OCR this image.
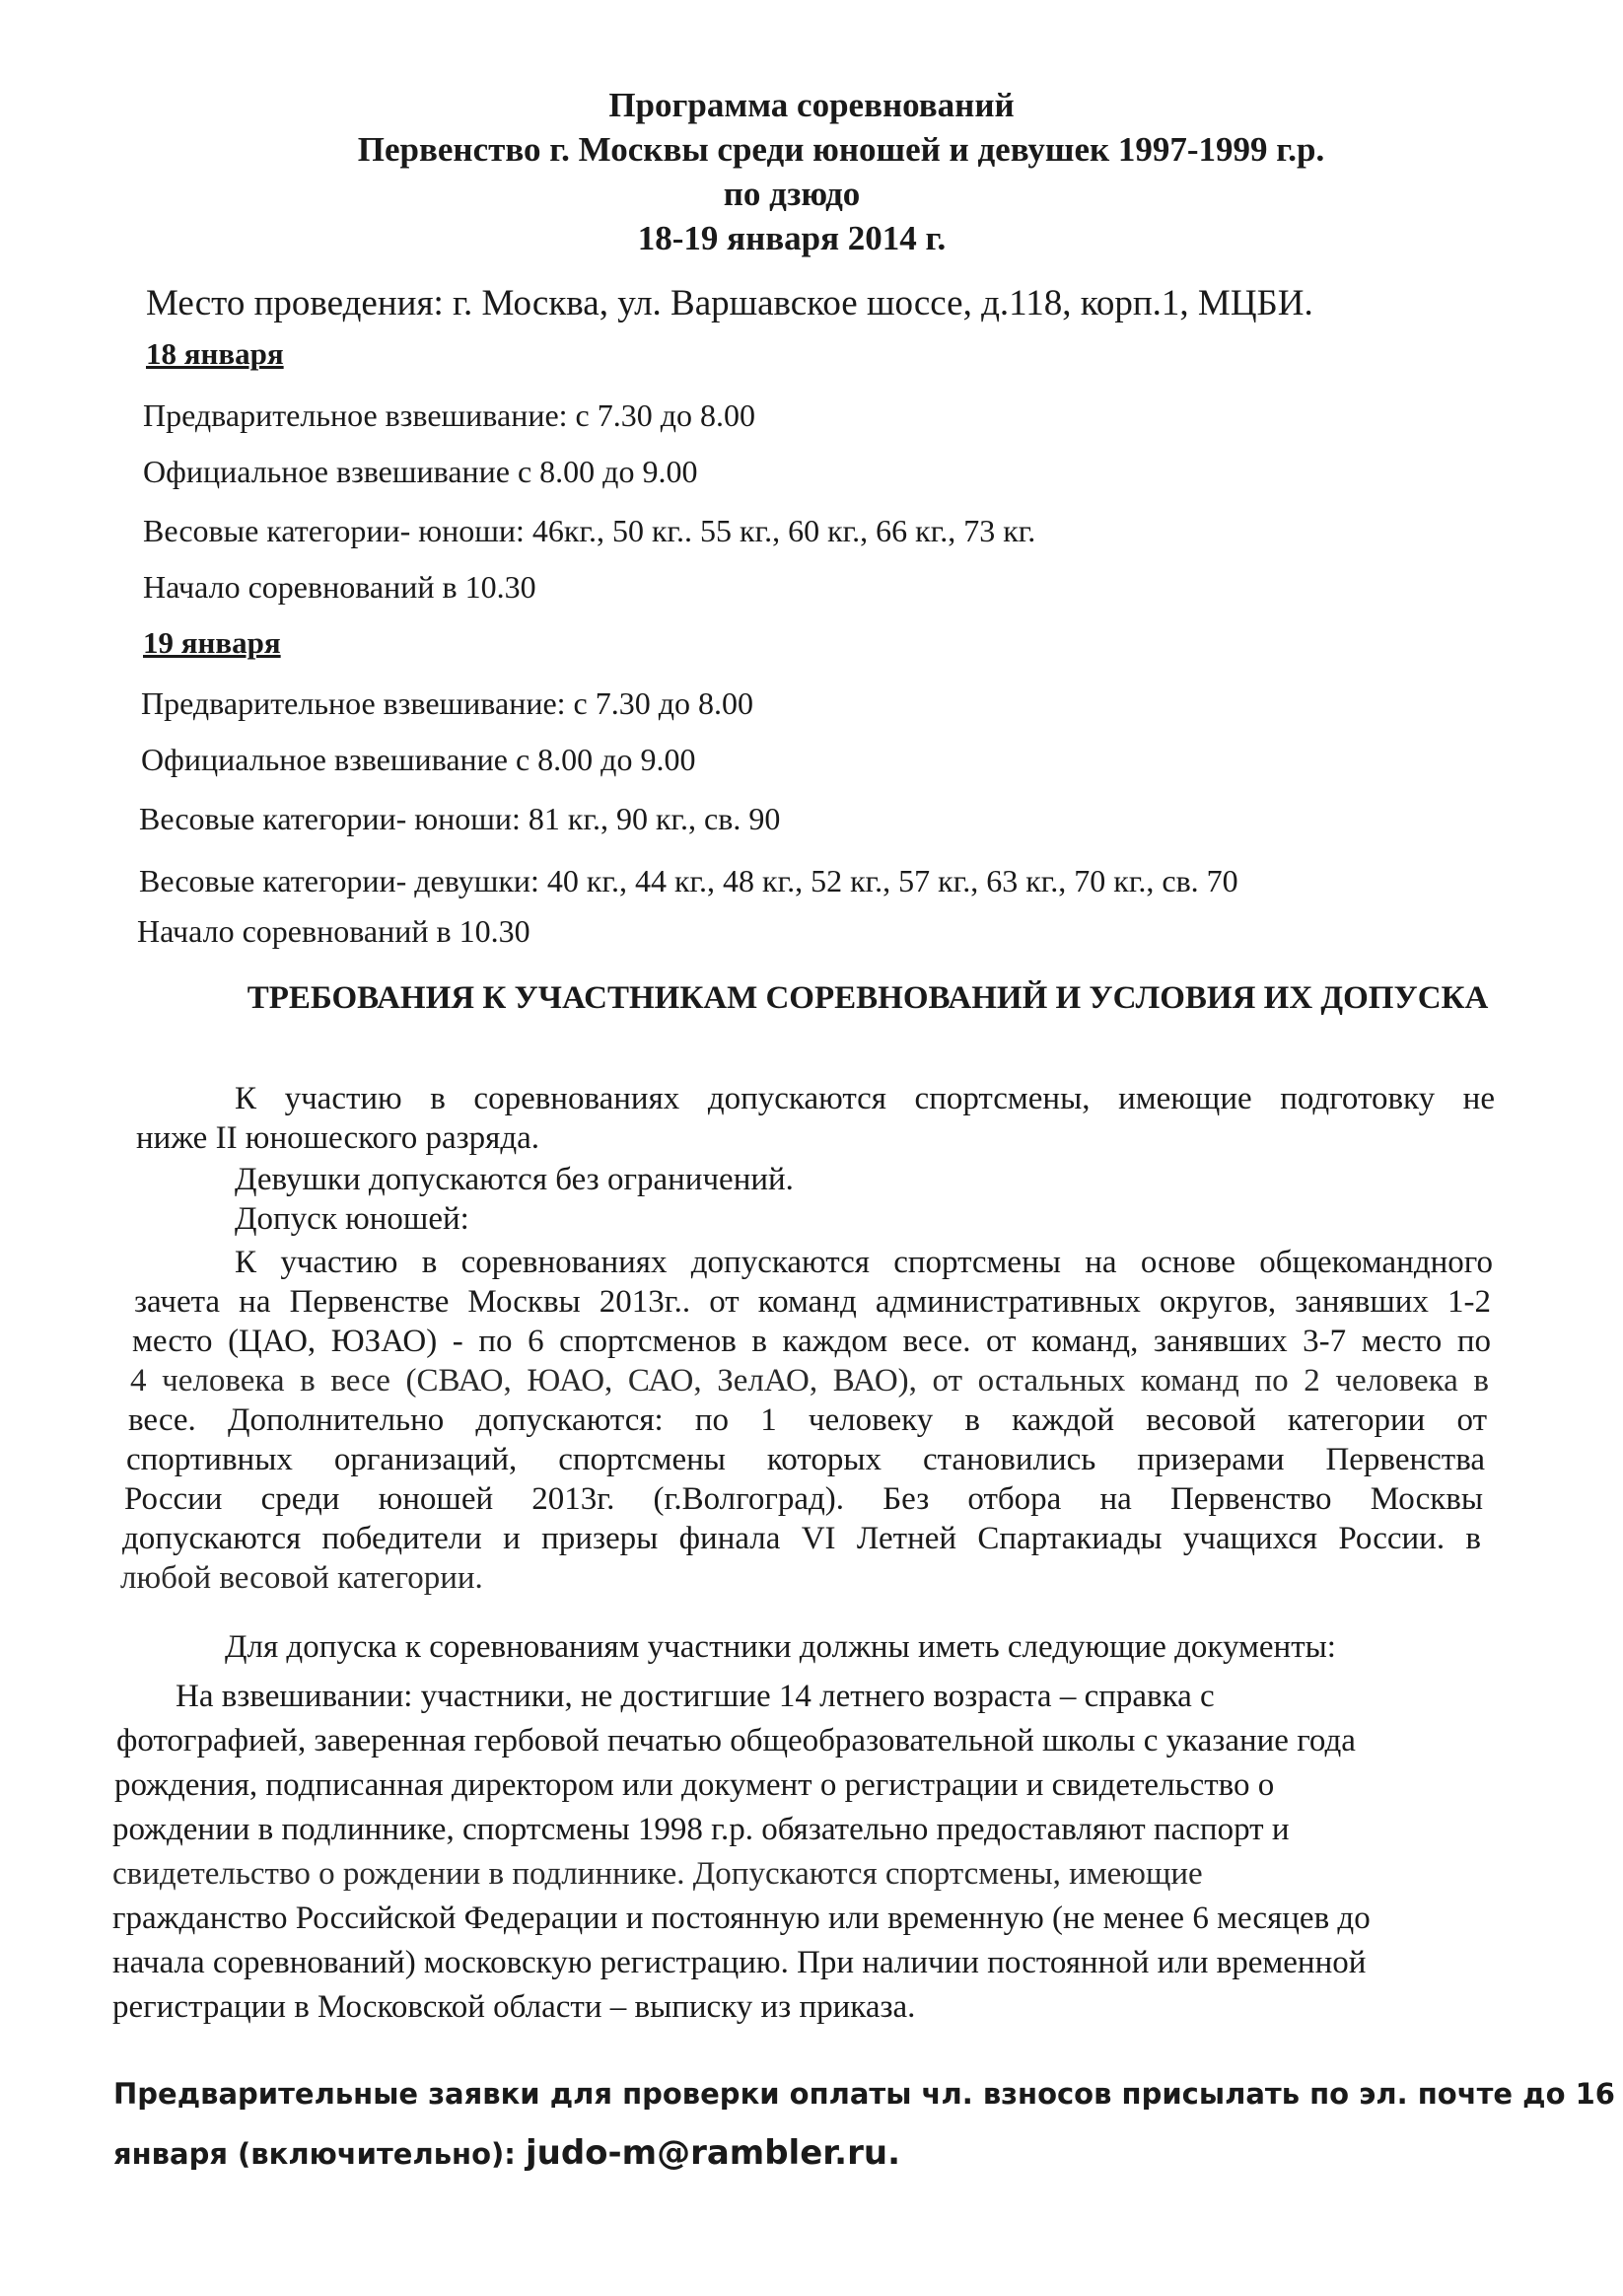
Программа соревнований
Первенство г. Москвы среди юношей и девушек 1997-1999 г.р.
по дзюдо
18-19 января 2014 г.
Место проведения: г. Москва, ул. Варшавское шоссе, д.118, корп.1, МЦБИ.
18 января
Предварительное взвешивание: с 7.30 до 8.00
Официальное взвешивание с 8.00 до 9.00
Весовые категории- юноши: 46кг., 50 кг.. 55 кг., 60 кг., 66 кг., 73 кг.
Начало соревнований в 10.30
19 января
Предварительное взвешивание: с 7.30 до 8.00
Официальное взвешивание с 8.00 до 9.00
Весовые категории- юноши: 81 кг., 90 кг., св. 90
Весовые категории- девушки: 40 кг., 44 кг., 48 кг., 52 кг., 57 кг., 63 кг., 70 кг., св. 70
Начало соревнований в 10.30
ТРЕБОВАНИЯ К УЧАСТНИКАМ СОРЕВНОВАНИЙ И УСЛОВИЯ ИХ ДОПУСКА
К участию в соревнованиях допускаются спортсмены, имеющие подготовку не
ниже II юношеского разряда.
Девушки допускаются без ограничений.
Допуск юношей:
К участию в соревнованиях допускаются спортсмены на основе общекомандного
зачета на Первенстве Москвы 2013г.. от команд административных округов, занявших 1-2
место (ЦАО, ЮЗАО) - по 6 спортсменов в каждом весе. от команд, занявших 3-7 место по
4 человека в весе (СВАО, ЮАО, САО, ЗелАО, ВАО), от остальных команд по 2 человека в
весе. Дополнительно допускаются: по 1 человеку в каждой весовой категории от
спортивных организаций, спортсмены которых становились призерами Первенства
России среди юношей 2013г. (г.Волгоград). Без отбора на Первенство Москвы
допускаются победители и призеры финала VI Летней Спартакиады учащихся России. в
любой весовой категории.
Для допуска к соревнованиям участники должны иметь следующие документы:
На взвешивании: участники, не достигшие 14 летнего возраста – справка с
фотографией, заверенная гербовой печатью общеобразовательной школы с указание года
рождения, подписанная директором или документ о регистрации и свидетельство о
рождении в подлиннике, спортсмены 1998 г.р. обязательно предоставляют паспорт и
свидетельство о рождении в подлиннике. Допускаются спортсмены, имеющие
гражданство Российской Федерации и постоянную или временную (не менее 6 месяцев до
начала соревнований) московскую регистрацию. При наличии постоянной или временной
регистрации в Московской области – выписку из приказа.
Предварительные заявки для проверки оплаты чл. взносов присылать по эл. почте до 16
января (включительно): judo-m@rambler.ru.
